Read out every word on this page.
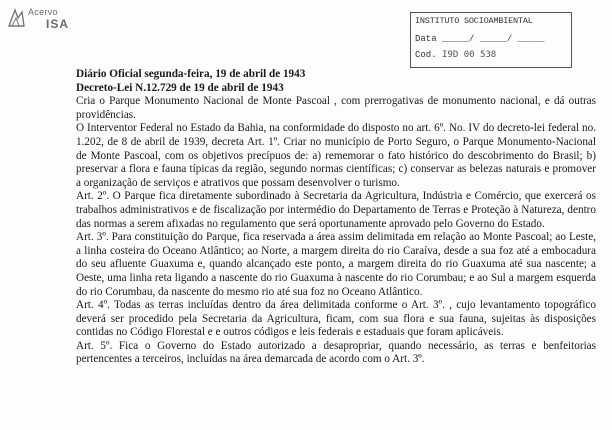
Acervo
ISA	INSTITUTO SOCIOAMBIENTAL
Data _____/ _____/ _____
Cod. I9D 00 538

Diário Oficial segunda-feira, 19 de abril de 1943

Decreto-Lei N.12.729 de 19 de abril de 1943

Cria o Parque Monumento Nacional de Monte Pascoal , com prerrogativas de monumento nacional, e dá outras providências.

O Interventor Federal no Estado da Bahia, na conformidade do disposto no art. 6º. No. IV do decreto-lei federal no. 1.202, de 8 de abril de 1939, decreta Art. 1º. Criar no município de Porto Seguro, o Parque Monumento-Nacional de Monte Pascoal, com os objetivos precípuos de: a) rememorar o fato histórico do descobrimento do Brasil; b) preservar a flora e fauna típicas da região, segundo normas científicas; c) conservar as belezas naturais e promover a organização de serviços e atrativos que possam desenvolver o turismo.

Art. 2º. O Parque fica diretamente subordinado à Secretaria da Agricultura, Indústria e Comércio, que exercerá os trabalhos administrativos e de fiscalização por intermédio do Departamento de Terras e Proteção à Natureza, dentro das normas a serem afixadas no regulamento que será oportunamente aprovado pelo Governo do Estado.

Art. 3º. Para constituição do Parque, fica reservada a área assim delimitada em relação ao Monte Pascoal; ao Leste, a linha costeira do Oceano Atlântico; ao Norte, a margem direita do rio Caraíva, desde a sua foz até a embocadura do seu afluente Guaxuma e, quando alcançado este ponto, a margem direita do rio Guaxuma até sua nascente; a Oeste, uma linha reta ligando a nascente do rio Guaxuma à nascente do rio Corumbau; e ao Sul a margem esquerda do rio Corumbau, da nascente do mesmo rio até sua foz no Oceano Atlântico.

Art. 4º. Todas as terras incluídas dentro da área delimitada conforme o Art. 3º. , cujo levantamento topográfico deverá ser procedido pela Secretaria da Agricultura, ficam, com sua flora e sua fauna, sujeitas às disposições contidas no Código Florestal e e outros códigos e leis federais e estaduais que foram aplicáveis.

Art. 5º. Fica o Governo do Estado autorizado a desapropriar, quando necessário, as terras e benfeitorias pertencentes a terceiros, incluídas na área demarcada de acordo com o Art. 3º.
